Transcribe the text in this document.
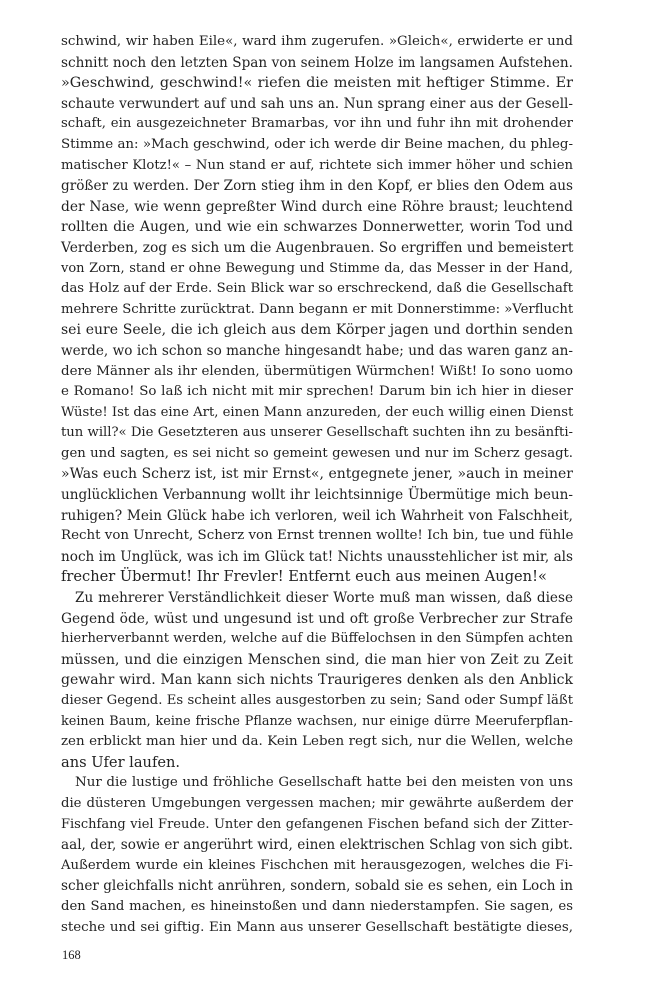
schwind, wir haben Eile«, ward ihm zugerufen. »Gleich«, erwiderte er und
schnitt noch den letzten Span von seinem Holze im langsamen Aufstehen.
»Geschwind, geschwind!« riefen die meisten mit heftiger Stimme. Er
schaute verwundert auf und sah uns an. Nun sprang einer aus der Gesell-
schaft, ein ausgezeichneter Bramarbas, vor ihn und fuhr ihn mit drohender
Stimme an: »Mach geschwind, oder ich werde dir Beine machen, du phleg-
matischer Klotz!« – Nun stand er auf, richtete sich immer höher und schien
größer zu werden. Der Zorn stieg ihm in den Kopf, er blies den Odem aus
der Nase, wie wenn gepreßter Wind durch eine Röhre braust; leuchtend
rollten die Augen, und wie ein schwarzes Donnerwetter, worin Tod und
Verderben, zog es sich um die Augenbrauen. So ergriffen und bemeistert
von Zorn, stand er ohne Bewegung und Stimme da, das Messer in der Hand,
das Holz auf der Erde. Sein Blick war so erschreckend, daß die Gesellschaft
mehrere Schritte zurücktrat. Dann begann er mit Donnerstimme: »Verflucht
sei eure Seele, die ich gleich aus dem Körper jagen und dorthin senden
werde, wo ich schon so manche hingesandt habe; und das waren ganz an-
dere Männer als ihr elenden, übermütigen Würmchen! Wißt! Io sono uomo
e Romano! So laß ich nicht mit mir sprechen! Darum bin ich hier in dieser
Wüste! Ist das eine Art, einen Mann anzureden, der euch willig einen Dienst
tun will?« Die Gesetzteren aus unserer Gesellschaft suchten ihn zu besänfti-
gen und sagten, es sei nicht so gemeint gewesen und nur im Scherz gesagt.
»Was euch Scherz ist, ist mir Ernst«, entgegnete jener, »auch in meiner
unglücklichen Verbannung wollt ihr leichtsinnige Übermütige mich beun-
ruhigen? Mein Glück habe ich verloren, weil ich Wahrheit von Falschheit,
Recht von Unrecht, Scherz von Ernst trennen wollte! Ich bin, tue und fühle
noch im Unglück, was ich im Glück tat! Nichts unausstehlicher ist mir, als
frecher Übermut! Ihr Frevler! Entfernt euch aus meinen Augen!«
Zu mehrerer Verständlichkeit dieser Worte muß man wissen, daß diese
Gegend öde, wüst und ungesund ist und oft große Verbrecher zur Strafe
hierherverbannt werden, welche auf die Büffelochsen in den Sümpfen achten
müssen, und die einzigen Menschen sind, die man hier von Zeit zu Zeit
gewahr wird. Man kann sich nichts Traurigeres denken als den Anblick
dieser Gegend. Es scheint alles ausgestorben zu sein; Sand oder Sumpf läßt
keinen Baum, keine frische Pflanze wachsen, nur einige dürre Meeruferpflan-
zen erblickt man hier und da. Kein Leben regt sich, nur die Wellen, welche
ans Ufer laufen.
Nur die lustige und fröhliche Gesellschaft hatte bei den meisten von uns
die düsteren Umgebungen vergessen machen; mir gewährte außerdem der
Fischfang viel Freude. Unter den gefangenen Fischen befand sich der Zitter-
aal, der, sowie er angerührt wird, einen elektrischen Schlag von sich gibt.
Außerdem wurde ein kleines Fischchen mit herausgezogen, welches die Fi-
scher gleichfalls nicht anrühren, sondern, sobald sie es sehen, ein Loch in
den Sand machen, es hineinstoßen und dann niederstampfen. Sie sagen, es
steche und sei giftig. Ein Mann aus unserer Gesellschaft bestätigte dieses,
168
